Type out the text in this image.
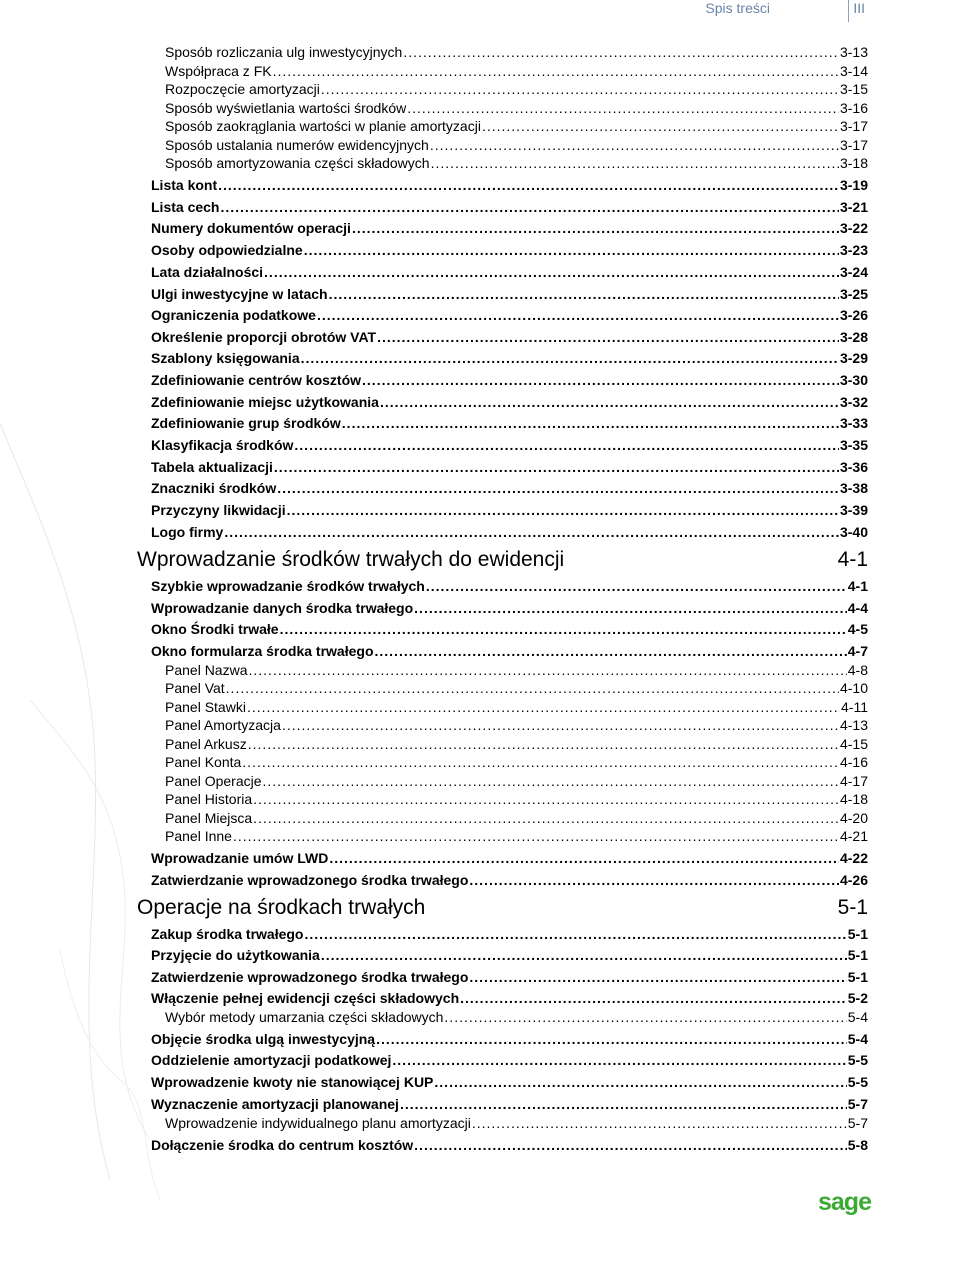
Spis treści	III
Sposób rozliczania ulg inwestycyjnych .....	3-13
Współpraca z FK .....	3-14
Rozpoczęcie amortyzacji .....	3-15
Sposób wyświetlania wartości środków .....	3-16
Sposób zaokrąglania wartości w planie amortyzacji .....	3-17
Sposób ustalania numerów ewidencyjnych .....	3-17
Sposób amortyzowania części składowych .....	3-18
Lista kont .....	3-19
Lista cech .....	3-21
Numery dokumentów operacji .....	3-22
Osoby odpowiedzialne .....	3-23
Lata działalności .....	3-24
Ulgi inwestycyjne w latach .....	3-25
Ograniczenia podatkowe .....	3-26
Określenie proporcji obrotów VAT .....	3-28
Szablony księgowania .....	3-29
Zdefiniowanie centrów kosztów .....	3-30
Zdefiniowanie miejsc użytkowania .....	3-32
Zdefiniowanie grup środków .....	3-33
Klasyfikacja środków .....	3-35
Tabela aktualizacji .....	3-36
Znaczniki środków .....	3-38
Przyczyny likwidacji .....	3-39
Logo firmy .....	3-40
Wprowadzanie środków trwałych do ewidencji	4-1
Szybkie wprowadzanie środków trwałych .....	4-1
Wprowadzanie danych środka trwałego .....	4-4
Okno Środki trwałe .....	4-5
Okno formularza środka trwałego .....	4-7
Panel Nazwa .....	4-8
Panel Vat .....	4-10
Panel Stawki .....	4-11
Panel Amortyzacja .....	4-13
Panel Arkusz .....	4-15
Panel Konta .....	4-16
Panel Operacje .....	4-17
Panel Historia .....	4-18
Panel Miejsca .....	4-20
Panel Inne .....	4-21
Wprowadzanie umów LWD .....	4-22
Zatwierdzanie wprowadzonego środka trwałego .....	4-26
Operacje na środkach trwałych	5-1
Zakup środka trwałego .....	5-1
Przyjęcie do użytkowania .....	5-1
Zatwierdzenie wprowadzonego środka trwałego .....	5-1
Włączenie pełnej ewidencji części składowych .....	5-2
Wybór metody umarzania części składowych .....	5-4
Objęcie środka ulgą inwestycyjną .....	5-4
Oddzielenie amortyzacji podatkowej .....	5-5
Wprowadzenie kwoty nie stanowiącej KUP .....	5-5
Wyznaczenie amortyzacji planowanej .....	5-7
Wprowadzenie indywidualnego planu amortyzacji .....	5-7
Dołączenie środka do centrum kosztów .....	5-8
sage
